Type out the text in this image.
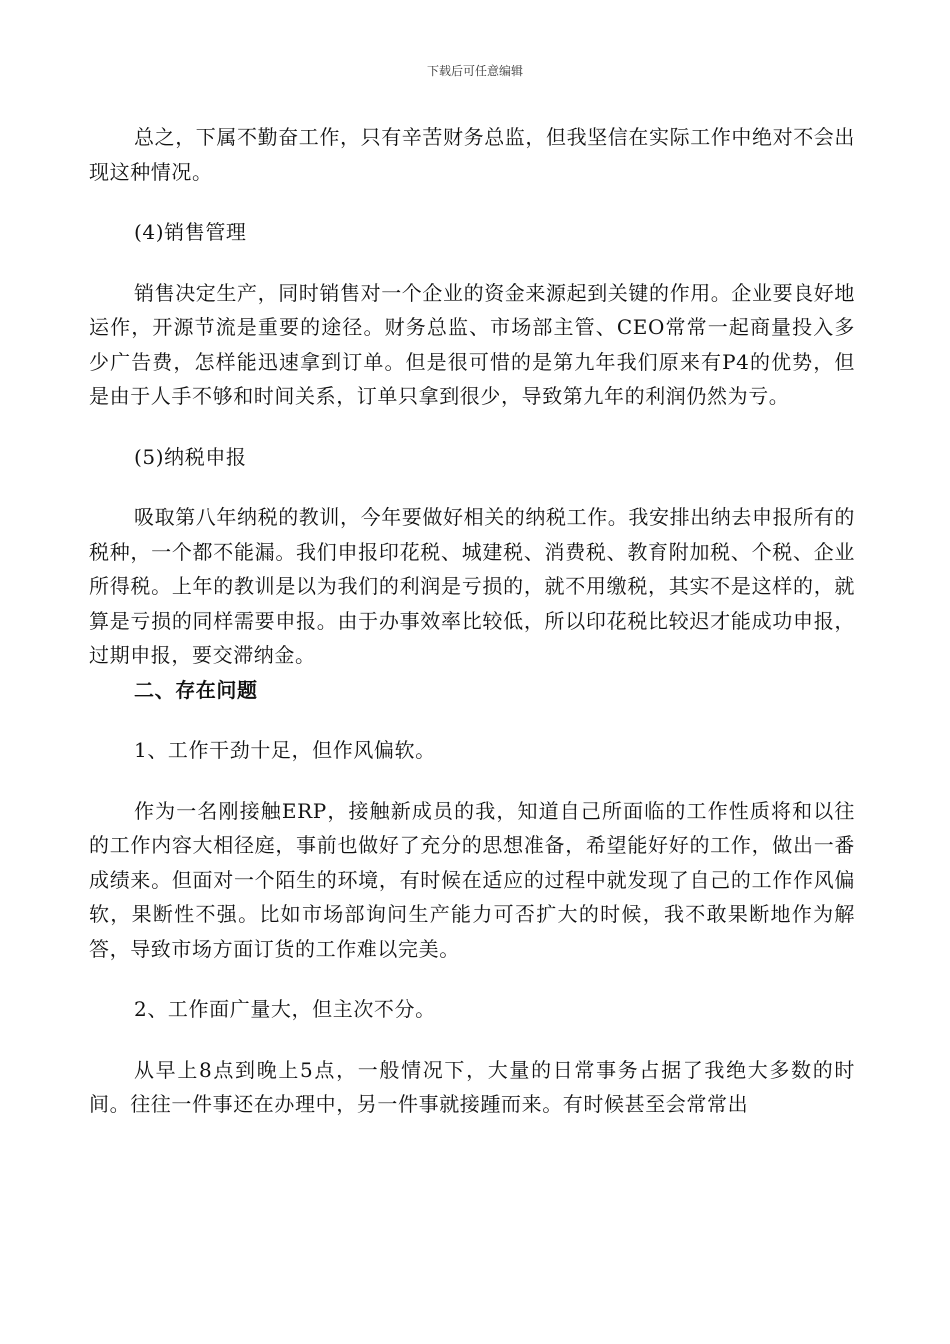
下载后可任意编辑

总之，下属不勤奋工作，只有辛苦财务总监，但我坚信在实际工作中绝对不会出现这种情况。

(4)销售管理

销售决定生产，同时销售对一个企业的资金来源起到关键的作用。企业要良好地运作，开源节流是重要的途径。财务总监、市场部主管、CEO常常一起商量投入多少广告费，怎样能迅速拿到订单。但是很可惜的是第九年我们原来有P4的优势，但是由于人手不够和时间关系，订单只拿到很少，导致第九年的利润仍然为亏。

(5)纳税申报

吸取第八年纳税的教训，今年要做好相关的纳税工作。我安排出纳去申报所有的税种，一个都不能漏。我们申报印花税、城建税、消费税、教育附加税、个税、企业所得税。上年的教训是以为我们的利润是亏损的，就不用缴税，其实不是这样的，就算是亏损的同样需要申报。由于办事效率比较低，所以印花税比较迟才能成功申报，过期申报，要交滞纳金。

二、存在问题

1、工作干劲十足，但作风偏软。

作为一名刚接触ERP，接触新成员的我，知道自己所面临的工作性质将和以往的工作内容大相径庭，事前也做好了充分的思想准备，希望能好好的工作，做出一番成绩来。但面对一个陌生的环境，有时候在适应的过程中就发现了自己的工作作风偏软，果断性不强。比如市场部询问生产能力可否扩大的时候，我不敢果断地作为解答，导致市场方面订货的工作难以完美。

2、工作面广量大，但主次不分。

从早上8点到晚上5点，一般情况下，大量的日常事务占据了我绝大多数的时间。往往一件事还在办理中，另一件事就接踵而来。有时候甚至会常常出
